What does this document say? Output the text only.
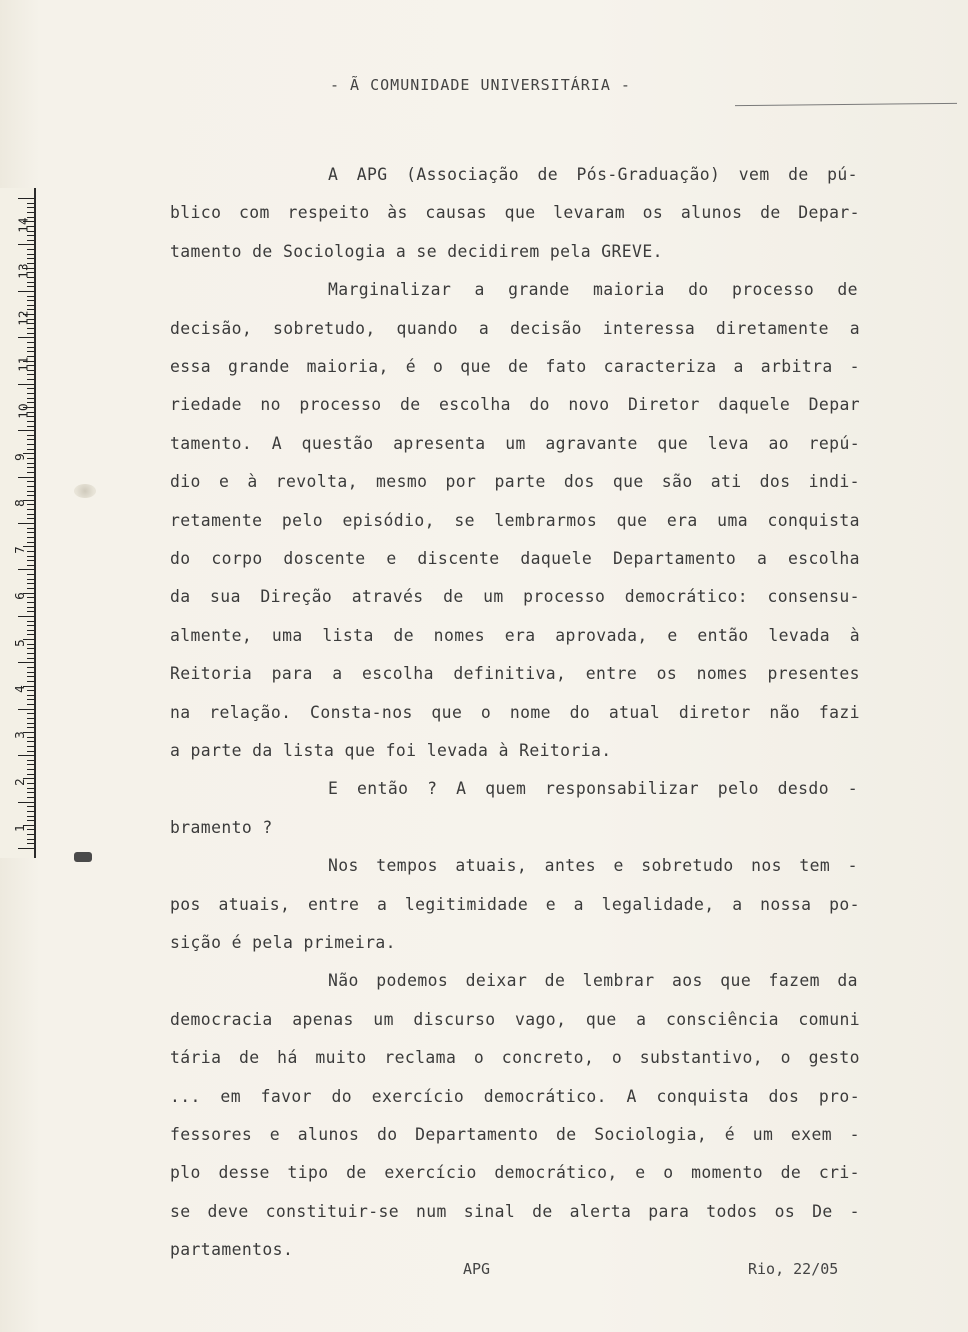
- Ã COMUNIDADE UNIVERSITÁRIA -
A APG (Associação de Pós-Graduação) vem de pú-
blico com respeito às causas que levaram os alunos de Depar-
tamento de Sociologia a se decidirem pela GREVE.
Marginalizar a grande maioria do processo de
decisão, sobretudo, quando a decisão interessa diretamente a
essa grande maioria, é o que de fato caracteriza a arbitra -
riedade no processo de escolha do novo Diretor daquele Depar
tamento. A questão apresenta um agravante que leva ao repú-
dio e à revolta, mesmo por parte dos que são ati dos indi-
retamente pelo episódio, se lembrarmos que era uma conquista
do corpo doscente e discente daquele Departamento a escolha
da sua Direção através de um processo democrático: consensu-
almente, uma lista de nomes era aprovada, e então levada à
Reitoria para a escolha definitiva, entre os nomes presentes
na relação. Consta-nos que o nome do atual diretor não fazi
a parte da lista que foi levada à Reitoria.
E então ? A quem responsabilizar pelo desdo -
bramento ?
Nos tempos atuais, antes e sobretudo nos tem -
pos atuais, entre a legitimidade e a legalidade, a nossa po-
sição é pela primeira.
Não podemos deixar de lembrar aos que fazem da
democracia apenas um discurso vago, que a consciência comuni
tária de há muito reclama o concreto, o substantivo, o gesto
... em favor do exercício democrático. A conquista dos pro-
fessores e alunos do Departamento de Sociologia, é um exem -
plo desse tipo de exercício democrático, e o momento de cri-
se deve constituir-se num sinal de alerta para todos os De -
partamentos.
APG	Rio, 22/05
14
13
12
11
10
9
8
7
6
5
4
3
2
1
